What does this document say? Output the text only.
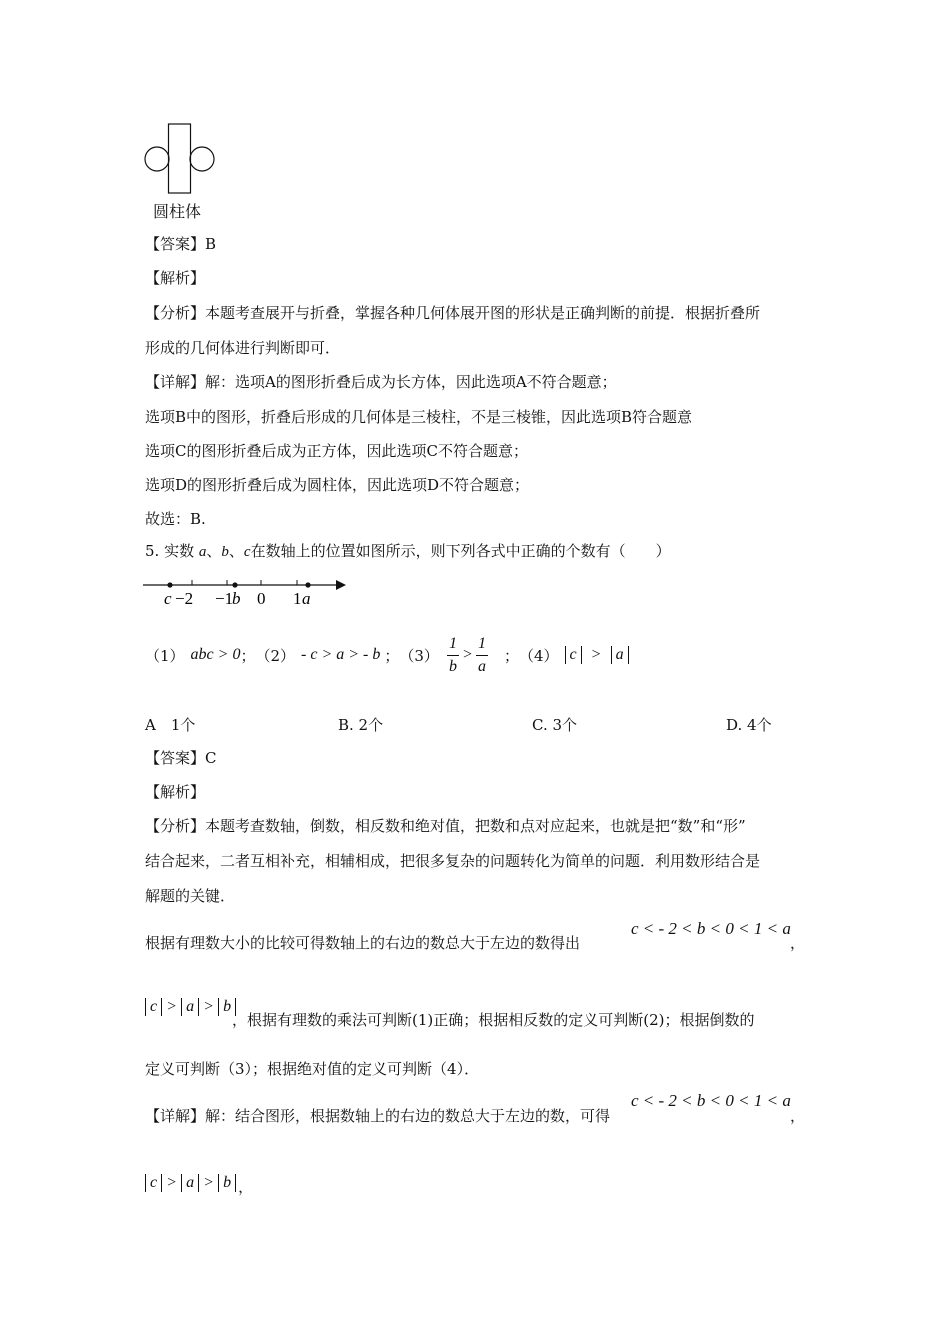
圆柱体
【答案】B
【解析】
【分析】本题考查展开与折叠，掌握各种几何体展开图的形状是正确判断的前提．根据折叠所
形成的几何体进行判断即可．
【详解】解：选项A的图形折叠后成为长方体，因此选项A不符合题意；
选项B中的图形，折叠后形成的几何体是三棱柱，不是三棱锥，因此选项B符合题意
选项C的图形折叠后成为正方体，因此选项C不符合题意；
选项D的图形折叠后成为圆柱体，因此选项D不符合题意；
故选：B.
5. 实数 a、b、c在数轴上的位置如图所示，则下列各式中正确的个数有（　　）
c −2 −1
b 0 1 a
（1） abc > 0 ； （2） - c > a > - b ； $(3) \frac{1}{b} > \frac{1}{a}$ ； （4） c > a
A　1个	B. 2个	C. 3个	D. 4个
【答案】C
【解析】
【分析】本题考查数轴，倒数，相反数和绝对值，把数和点对应起来，也就是把“数”和“形”
结合起来，二者互相补充，相辅相成，把很多复杂的问题转化为简单的问题．利用数形结合是
解题的关键．
根据有理数大小的比较可得数轴上的右边的数总大于左边的数得出
c < - 2 < b < 0 < 1 < a
，
c > a > b
，根据有理数的乘法可判断(1)正确；根据相反数的定义可判断(2)；根据倒数的
定义可判断（3）；根据绝对值的定义可判断（4）．
【详解】解：结合图形，根据数轴上的右边的数总大于左边的数，可得
c < - 2 < b < 0 < 1 < a
，
c > a > b ，
